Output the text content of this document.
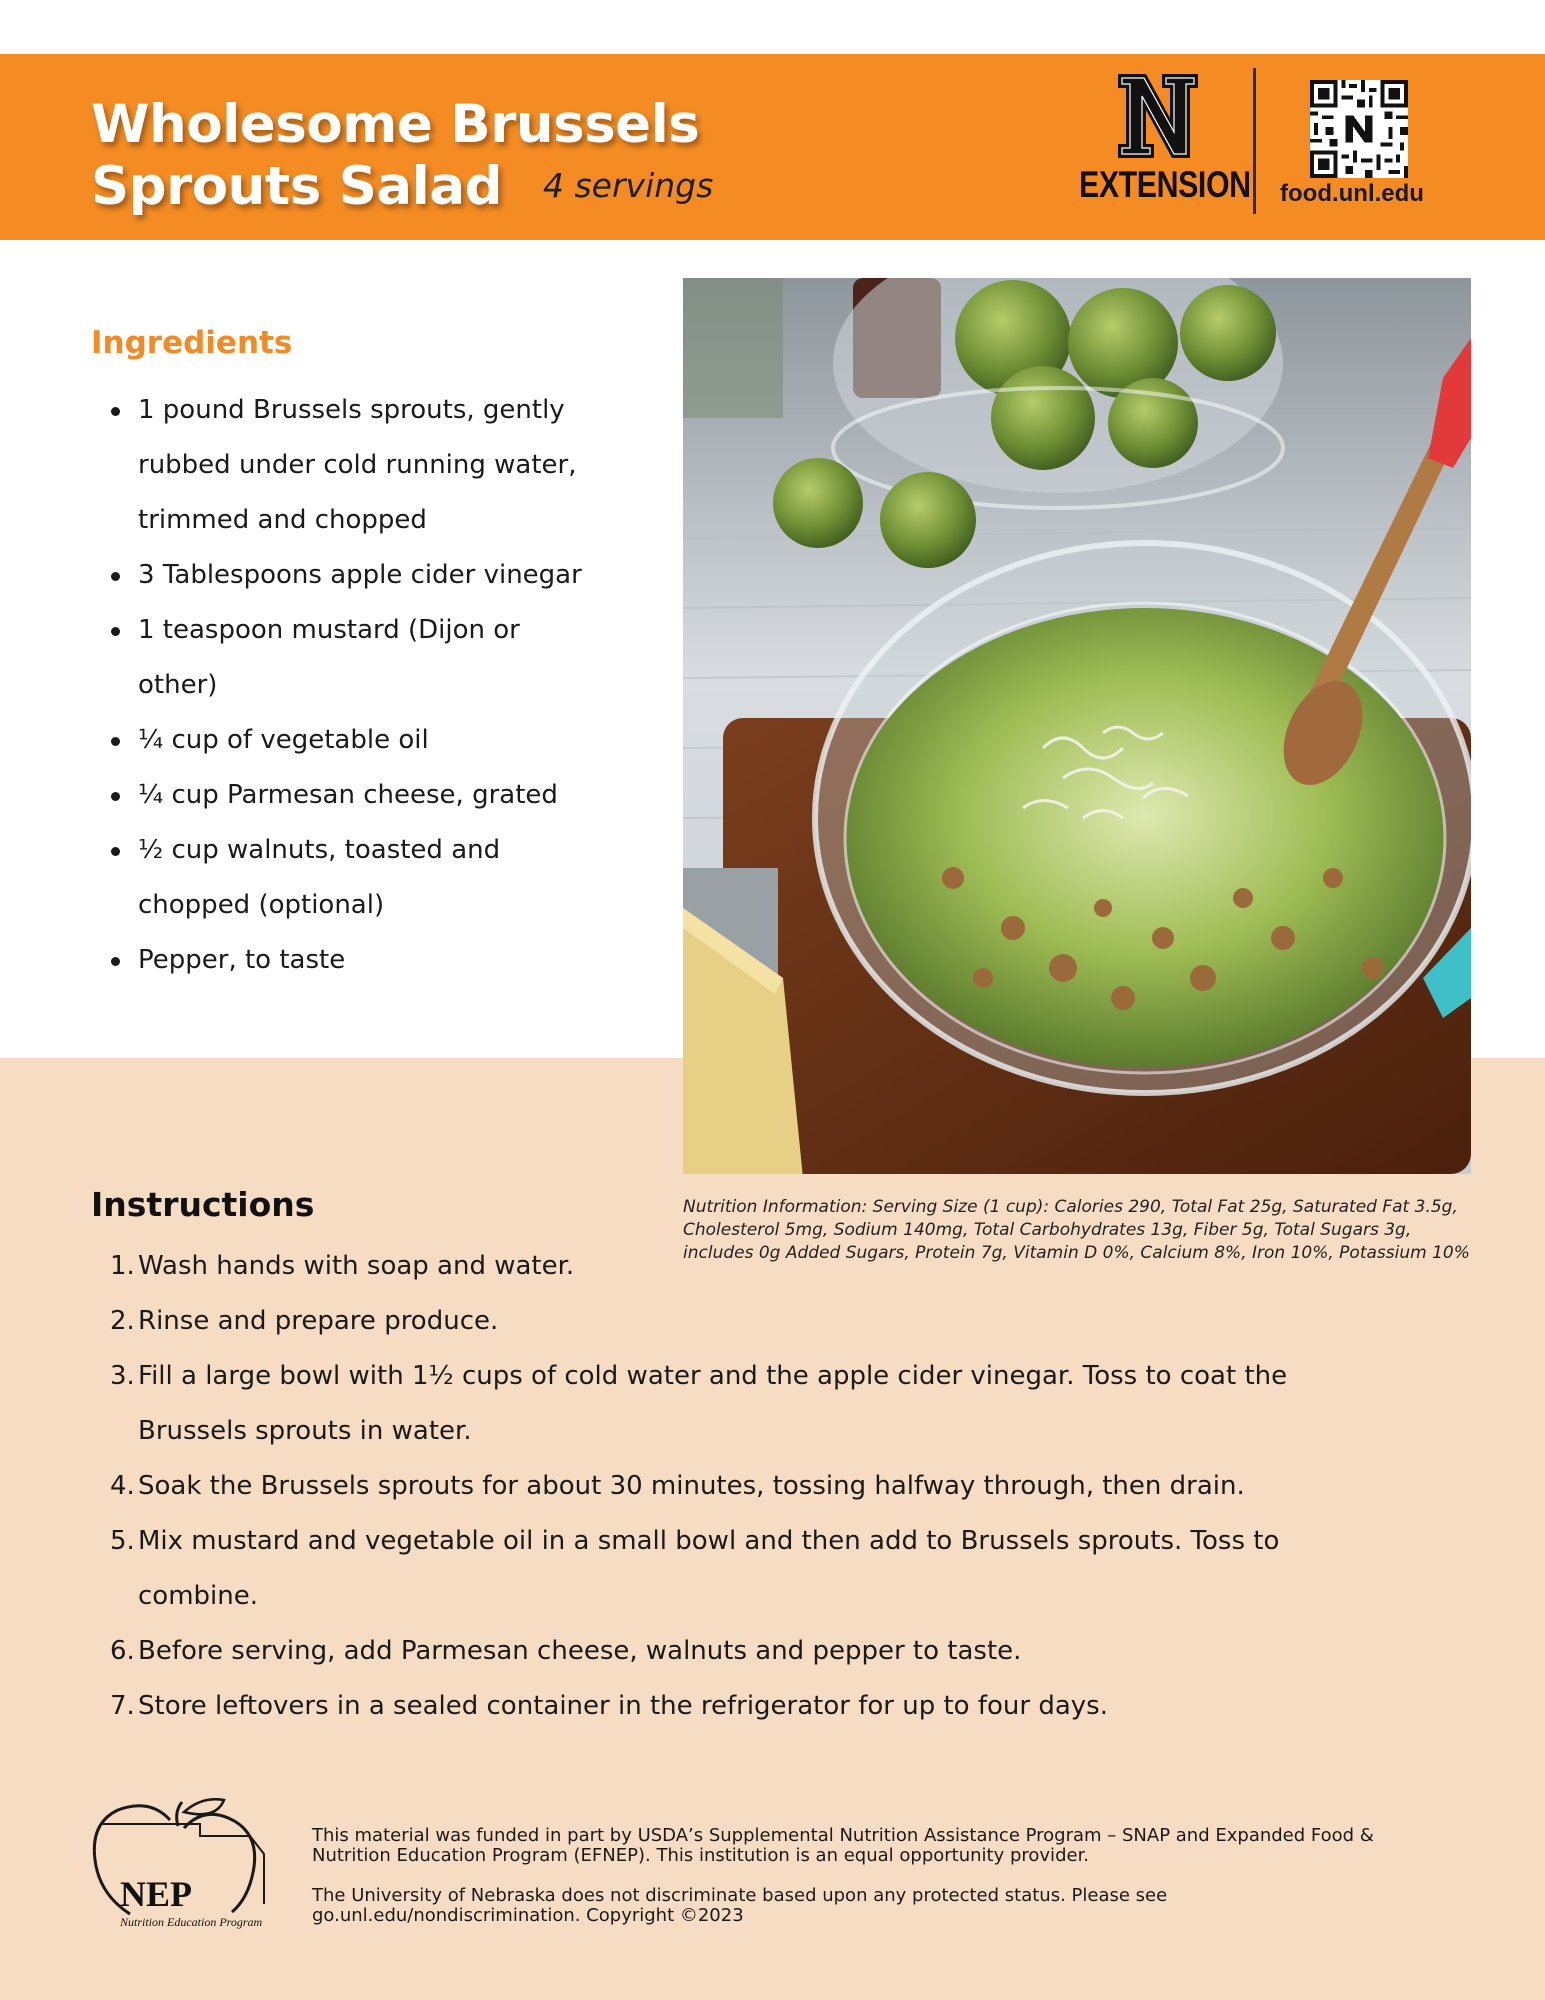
Wholesome Brussels
Sprouts Salad	4 servings	EXTENSION food.unl.edu
Ingredients
1 pound Brussels sprouts, gently
rubbed under cold running water,
trimmed and chopped
3 Tablespoons apple cider vinegar
1 teaspoon mustard (Dijon or
other)
¼ cup of vegetable oil
¼ cup Parmesan cheese, grated
½ cup walnuts, toasted and
chopped (optional)
Pepper, to taste
Nutrition Information: Serving Size (1 cup): Calories 290, Total Fat 25g, Saturated Fat 3.5g,
Cholesterol 5mg, Sodium 140mg, Total Carbohydrates 13g, Fiber 5g, Total Sugars 3g,
includes 0g Added Sugars, Protein 7g, Vitamin D 0%, Calcium 8%, Iron 10%, Potassium 10%
Instructions
Wash hands with soap and water.
Rinse and prepare produce.
Fill a large bowl with 1½ cups of cold water and the apple cider vinegar. Toss to coat the
Brussels sprouts in water.
Soak the Brussels sprouts for about 30 minutes, tossing halfway through, then drain.
Mix mustard and vegetable oil in a small bowl and then add to Brussels sprouts. Toss to
combine.
Before serving, add Parmesan cheese, walnuts and pepper to taste.
Store leftovers in a sealed container in the refrigerator for up to four days.
NEP
Nutrition Education Program

This material was funded in part by USDA’s Supplemental Nutrition Assistance Program – SNAP and Expanded Food &
Nutrition Education Program (EFNEP). This institution is an equal opportunity provider.

The University of Nebraska does not discriminate based upon any protected status. Please see
go.unl.edu/nondiscrimination. Copyright ©2023
